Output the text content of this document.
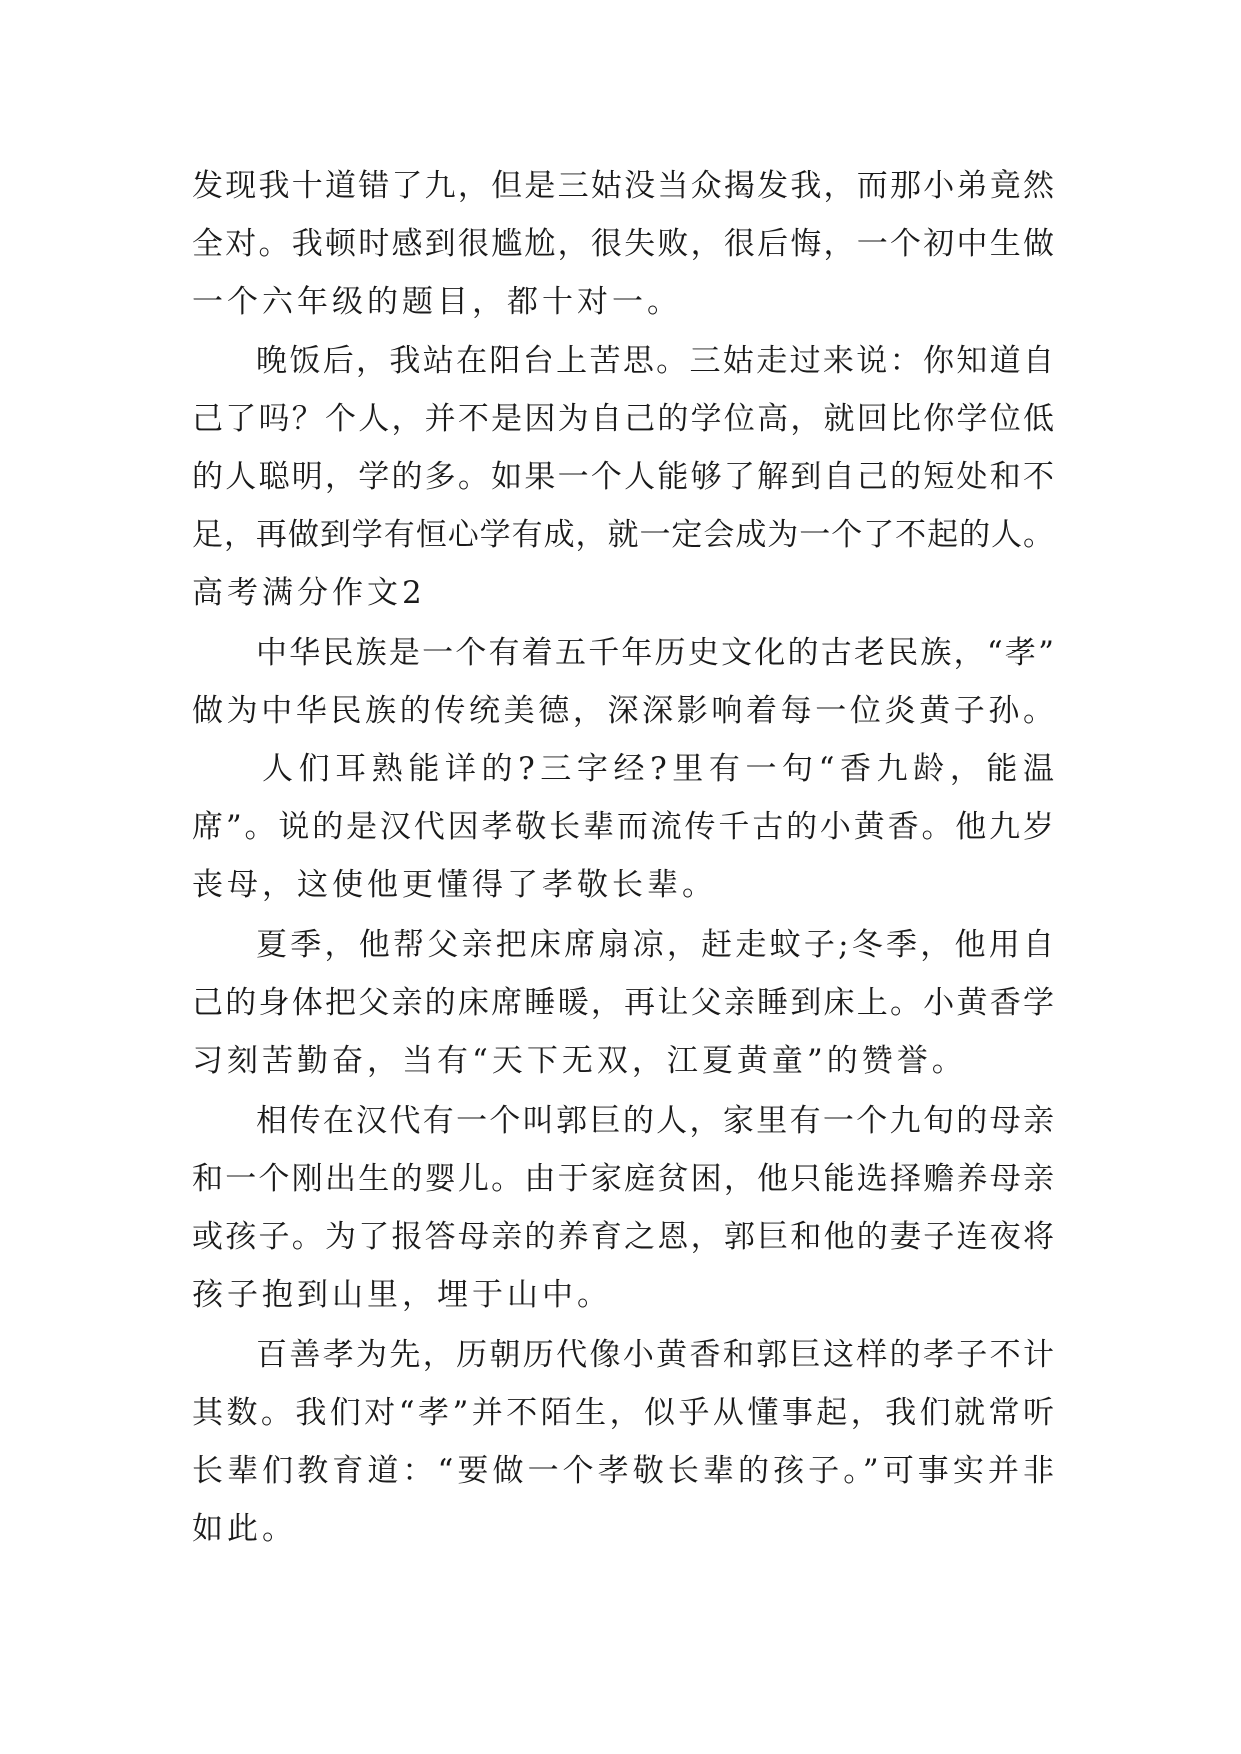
发现我十道错了九，但是三姑没当众揭发我，而那小弟竟然

全对。我顿时感到很尴尬，很失败，很后悔，一个初中生做

一个六年级的题目，都十对一。

晚饭后，我站在阳台上苦思。三姑走过来说：你知道自

己了吗？个人，并不是因为自己的学位高，就回比你学位低

的人聪明，学的多。如果一个人能够了解到自己的短处和不

足，再做到学有恒心学有成，就一定会成为一个了不起的人。

高考满分作文2

中华民族是一个有着五千年历史文化的古老民族，“孝”

做为中华民族的传统美德，深深影响着每一位炎黄子孙。

人们耳熟能详的?三字经?里有一句“香九龄，能温

席”。说的是汉代因孝敬长辈而流传千古的小黄香。他九岁

丧母，这使他更懂得了孝敬长辈。

夏季，他帮父亲把床席扇凉，赶走蚊子;冬季，他用自

己的身体把父亲的床席睡暖，再让父亲睡到床上。小黄香学

习刻苦勤奋，当有“天下无双，江夏黄童”的赞誉。

相传在汉代有一个叫郭巨的人，家里有一个九旬的母亲

和一个刚出生的婴儿。由于家庭贫困，他只能选择赡养母亲

或孩子。为了报答母亲的养育之恩，郭巨和他的妻子连夜将

孩子抱到山里，埋于山中。

百善孝为先，历朝历代像小黄香和郭巨这样的孝子不计

其数。我们对“孝”并不陌生，似乎从懂事起，我们就常听

长辈们教育道：“要做一个孝敬长辈的孩子。”可事实并非

如此。
